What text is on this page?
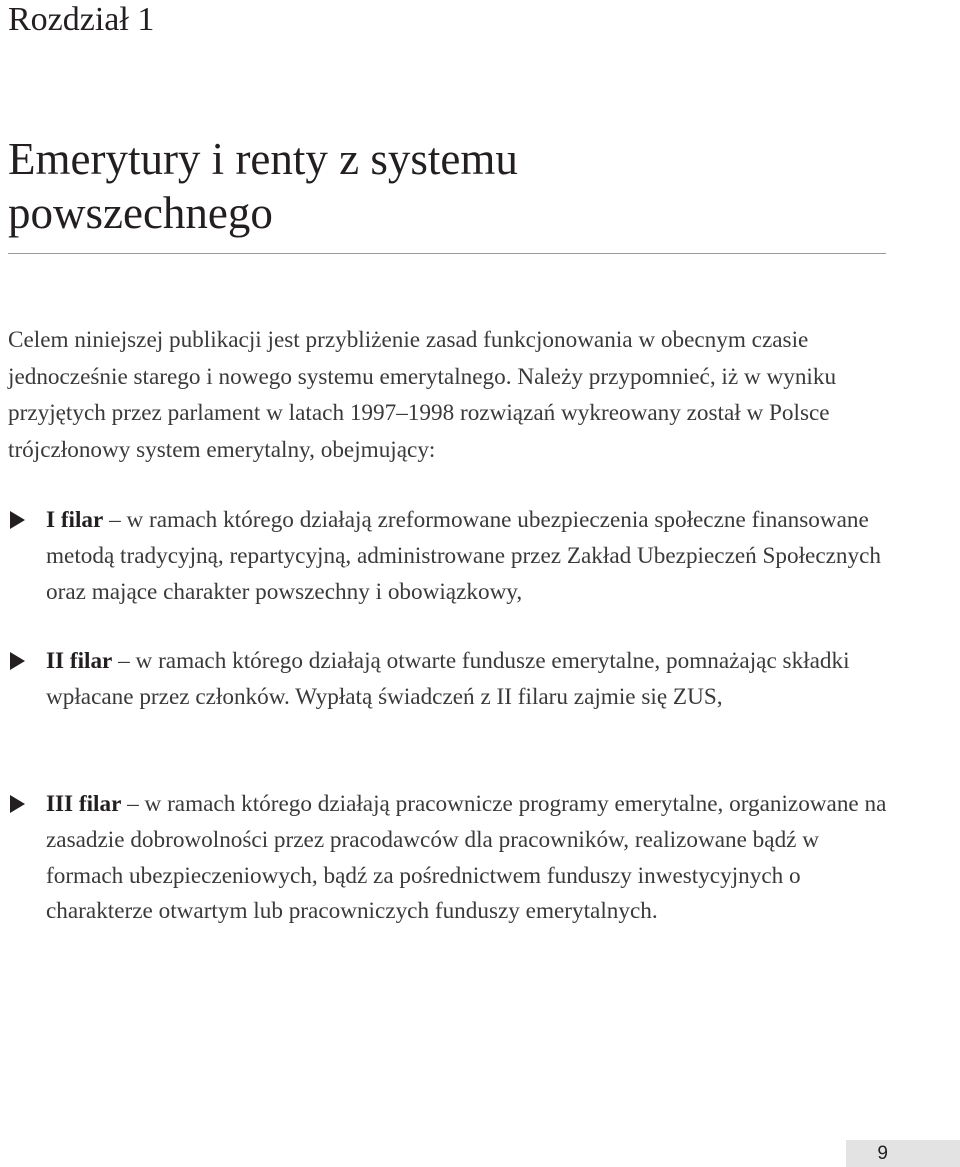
Rozdział 1
Emerytury i renty z systemu
powszechnego

Celem niniejszej publikacji jest przybliżenie zasad funkcjonowania w obecnym czasie jednocześnie starego i nowego systemu emerytalnego. Należy przypomnieć, iż w wyniku przyjętych przez parlament w latach 1997–1998 rozwiązań wykreowany został w Polsce trójczłonowy system emerytalny, obejmujący:

I filar – w ramach którego działają zreformowane ubezpieczenia społeczne finansowane metodą tradycyjną, repartycyjną, administrowane przez Zakład Ubezpieczeń Społecznych oraz mające charakter powszechny i obowiązkowy,

II filar – w ramach którego działają otwarte fundusze emerytalne, pomnażając składki wpłacane przez członków. Wypłatą świadczeń z II filaru zajmie się ZUS,

III filar – w ramach którego działają pracownicze programy emerytalne, organizowane na zasadzie dobrowolności przez pracodawców dla pracowników, realizowane bądź w formach ubezpieczeniowych, bądź za pośrednictwem funduszy inwestycyjnych o charakterze otwartym lub pracowniczych funduszy emerytalnych.

9
